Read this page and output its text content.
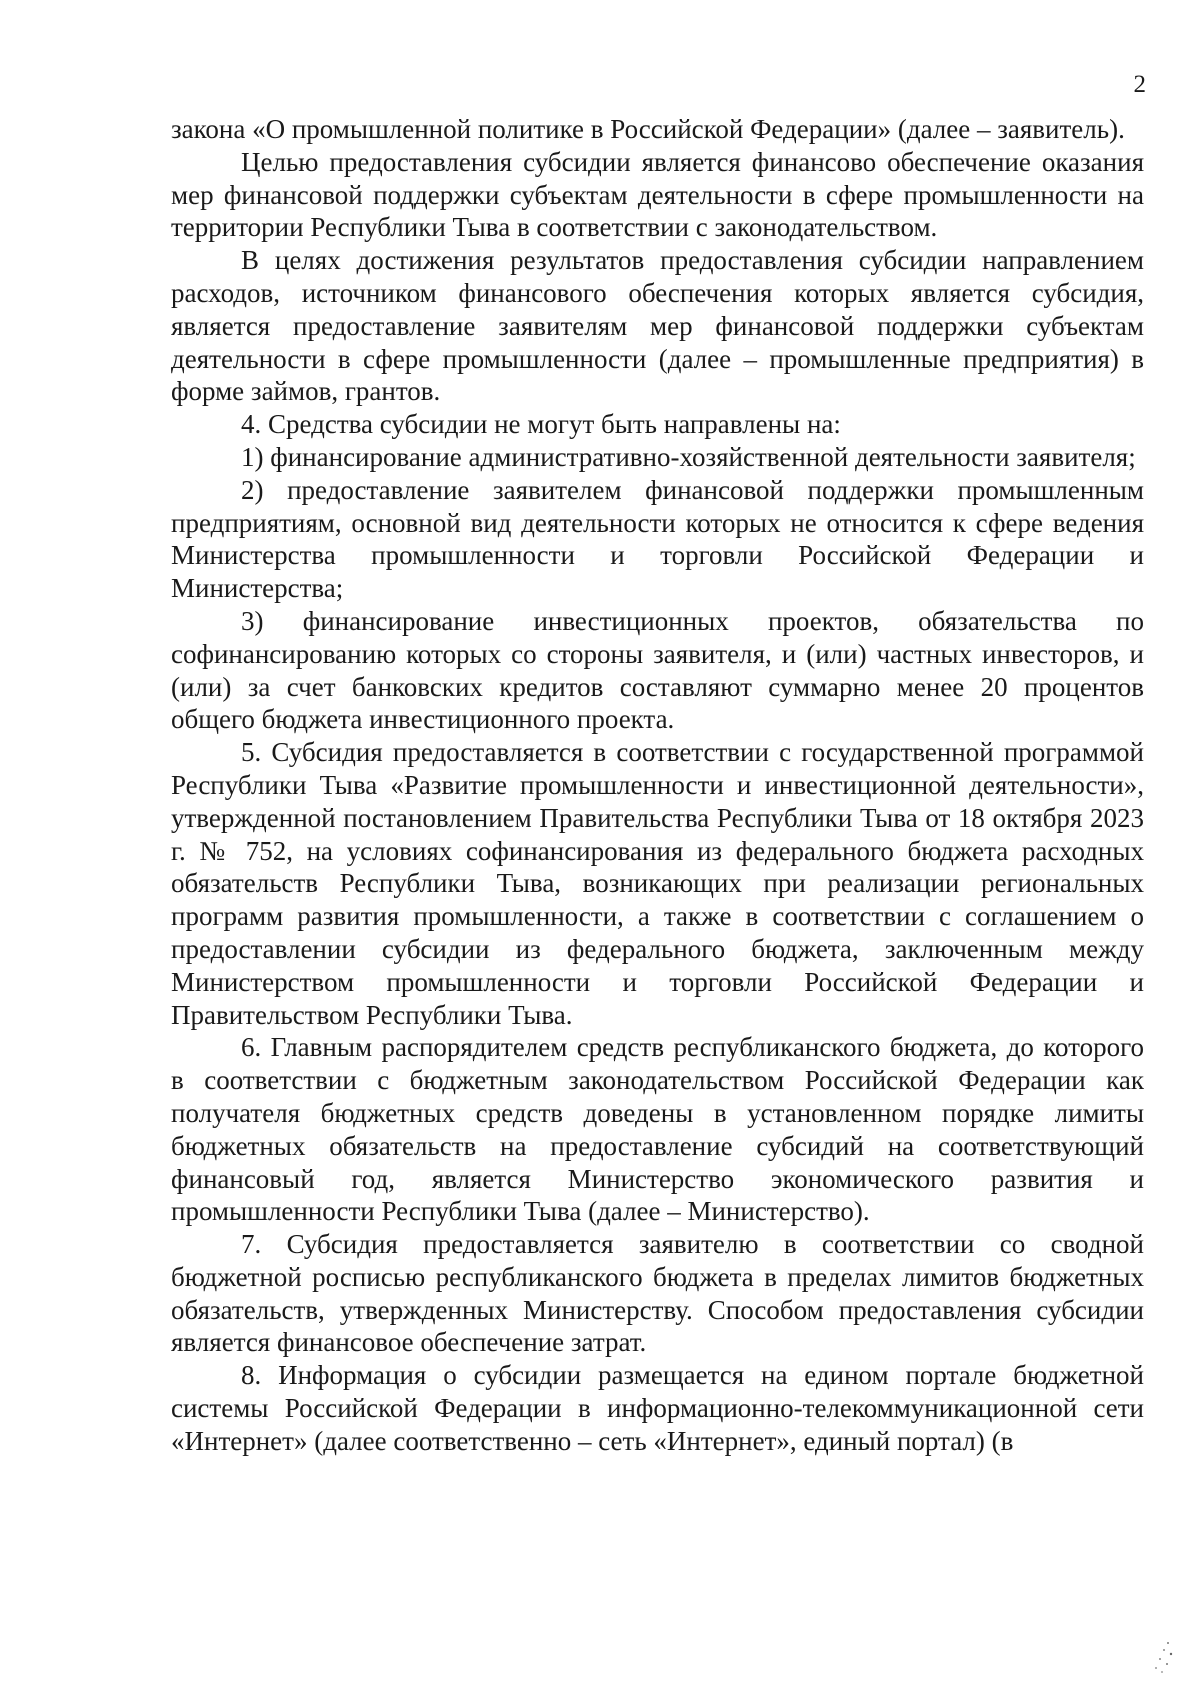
2

закона «О промышленной политике в Российской Федерации» (далее – заявитель).

Целью предоставления субсидии является финансово обеспечение оказания мер финансовой поддержки субъектам деятельности в сфере промышленности на территории Республики Тыва в соответствии с законодательством.

В целях достижения результатов предоставления субсидии направлением расходов, источником финансового обеспечения которых является субсидия, является предоставление заявителям мер финансовой поддержки субъектам деятельности в сфере промышленности (далее – промышленные предприятия) в форме займов, грантов.

4. Средства субсидии не могут быть направлены на:

1) финансирование административно-хозяйственной деятельности заявителя;

2) предоставление заявителем финансовой поддержки промышленным предприятиям, основной вид деятельности которых не относится к сфере ведения Министерства промышленности и торговли Российской Федерации и Министерства;

3) финансирование инвестиционных проектов, обязательства по софинансированию которых со стороны заявителя, и (или) частных инвесторов, и (или) за счет банковских кредитов составляют суммарно менее 20 процентов общего бюджета инвестиционного проекта.

5. Субсидия предоставляется в соответствии с государственной программой Республики Тыва «Развитие промышленности и инвестиционной деятельности», утвержденной постановлением Правительства Республики Тыва от 18 октября 2023 г. № 752, на условиях софинансирования из федерального бюджета расходных обязательств Республики Тыва, возникающих при реализации региональных программ развития промышленности, а также в соответствии с соглашением о предоставлении субсидии из федерального бюджета, заключенным между Министерством промышленности и торговли Российской Федерации и Правительством Республики Тыва.

6. Главным распорядителем средств республиканского бюджета, до которого в соответствии с бюджетным законодательством Российской Федерации как получателя бюджетных средств доведены в установленном порядке лимиты бюджетных обязательств на предоставление субсидий на соответствующий финансовый год, является Министерство экономического развития и промышленности Республики Тыва (далее – Министерство).

7. Субсидия предоставляется заявителю в соответствии со сводной бюджетной росписью республиканского бюджета в пределах лимитов бюджетных обязательств, утвержденных Министерству. Способом предоставления субсидии является финансовое обеспечение затрат.

8. Информация о субсидии размещается на едином портале бюджетной системы Российской Федерации в информационно-телекоммуникационной сети «Интернет» (далее соответственно – сеть «Интернет», единый портал) (в
